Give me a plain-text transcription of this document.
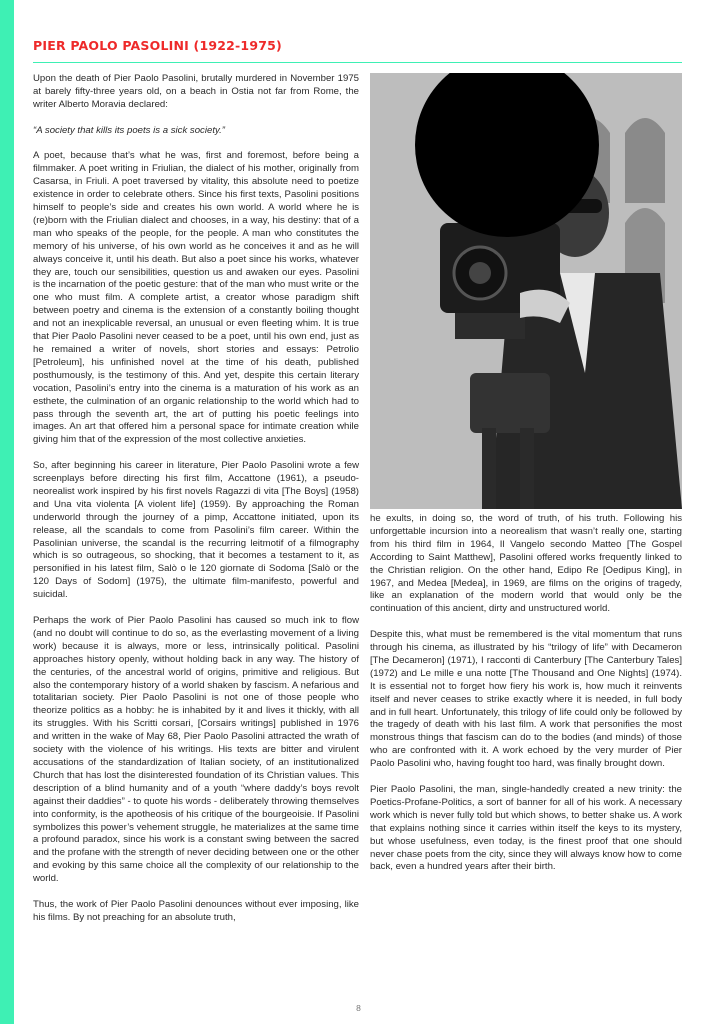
PIER PAOLO PASOLINI (1922-1975)

Upon the death of Pier Paolo Pasolini, brutally murdered in November 1975 at barely fifty-three years old, on a beach in Ostia not far from Rome, the writer Alberto Moravia declared:

“A society that kills its poets is a sick society.”

A poet, because that’s what he was, first and foremost, before being a filmmaker. A poet writing in Friulian, the dialect of his mother, originally from Casarsa, in Friuli. A poet traversed by vitality, this absolute need to poetize existence in order to celebrate others. Since his first texts, Pasolini positions himself to people’s side and creates his own world. A world where he is (re)born with the Friulian dialect and chooses, in a way, his destiny: that of a man who speaks of the people, for the people. A man who constitutes the memory of his universe, of his own world as he conceives it and as he will always conceive it, until his death. But also a poet since his works, whatever they are, touch our sensibilities, question us and awaken our eyes. Pasolini is the incarnation of the poetic gesture: that of the man who must write or the one who must film. A complete artist, a creator whose paradigm shift between poetry and cinema is the extension of a constantly boiling thought and not an inexplicable reversal, an unusual or even fleeting whim. It is true that Pier Paolo Pasolini never ceased to be a poet, until his own end, just as he remained a writer of novels, short stories and essays: Petrolio [Petroleum], his unfinished novel at the time of his death, published posthumously, is the testimony of this. And yet, despite this certain literary vocation, Pasolini’s entry into the cinema is a maturation of his work as an esthete, the culmination of an organic relationship to the world which had to pass through the seventh art, the art of putting his poetic feelings into images. An art that offered him a personal space for intimate creation while giving him that of the expression of the most collective anxieties.

So, after beginning his career in literature, Pier Paolo Pasolini wrote a few screenplays before directing his first film, Accattone (1961), a pseudo-neorealist work inspired by his first novels Ragazzi di vita [The Boys] (1958) and Una vita violenta [A violent life] (1959). By approaching the Roman underworld through the journey of a pimp, Accattone initiated, upon its release, all the scandals to come from Pasolini’s film career. Within the Pasolinian universe, the scandal is the recurring leitmotif of a filmography which is so outrageous, so shocking, that it becomes a testament to it, as personified in his latest film, Salò o le 120 giornate di Sodoma [Salò or the 120 Days of Sodom] (1975), the ultimate film-manifesto, powerful and suicidal.

Perhaps the work of Pier Paolo Pasolini has caused so much ink to flow (and no doubt will continue to do so, as the everlasting movement of a living work) because it is always, more or less, intrinsically political. Pasolini approaches history openly, without holding back in any way. The history of the centuries, of the ancestral world of origins, primitive and religious. But also the contemporary history of a world shaken by fascism. A nefarious and totalitarian society. Pier Paolo Pasolini is not one of those people who theorize politics as a hobby: he is inhabited by it and lives it thickly, with all its struggles. With his Scritti corsari, [Corsairs writings] published in 1976 and written in the wake of May 68, Pier Paolo Pasolini attracted the wrath of society with the violence of his writings. His texts are bitter and virulent accusations of the standardization of Italian society, of an institutionalized Church that has lost the disinterested foundation of its Christian values. This description of a blind humanity and of a youth “where daddy’s boys revolt against their daddies” - to quote his words - deliberately throwing themselves into conformity, is the apotheosis of his critique of the bourgeoisie. If Pasolini symbolizes this power’s vehement struggle, he materializes at the same time a profound paradox, since his work is a constant swing between the sacred and the profane with the strength of never deciding between one or the other and evoking by this same choice all the complexity of our relationship to the world.

Thus, the work of Pier Paolo Pasolini denounces without ever imposing, like his films. By not preaching for an absolute truth,

he exults, in doing so, the word of truth, of his truth. Following his unforgettable incursion into a neorealism that wasn’t really one, starting from his third film in 1964, Il Vangelo secondo Matteo [The Gospel According to Saint Matthew], Pasolini offered works frequently linked to the Christian religion. On the other hand, Edipo Re [Oedipus King], in 1967, and Medea [Medea], in 1969, are films on the origins of tragedy, like an explanation of the modern world that would only be the continuation of this ancient, dirty and unstructured world.

Despite this, what must be remembered is the vital momentum that runs through his cinema, as illustrated by his “trilogy of life” with Decameron [The Decameron] (1971), I racconti di Canterbury [The Canterbury Tales] (1972) and Le mille e una notte [The Thousand and One Nights] (1974). It is essential not to forget how fiery his work is, how much it reinvents itself and never ceases to strike exactly where it is needed, in full body and in full heart. Unfortunately, this trilogy of life could only be followed by the tragedy of death with his last film. A work that personifies the most monstrous things that fascism can do to the bodies (and minds) of those who are confronted with it. A work echoed by the very murder of Pier Paolo Pasolini who, having fought too hard, was finally brought down.

Pier Paolo Pasolini, the man, single-handedly created a new trinity: the Poetics-Profane-Politics, a sort of banner for all of his work. A necessary work which is never fully told but which shows, to better shake us. A work that explains nothing since it carries within itself the keys to its mystery, but whose usefulness, even today, is the finest proof that one should never chase poets from the city, since they will always know how to come back, even a hundred years after their birth.

8
